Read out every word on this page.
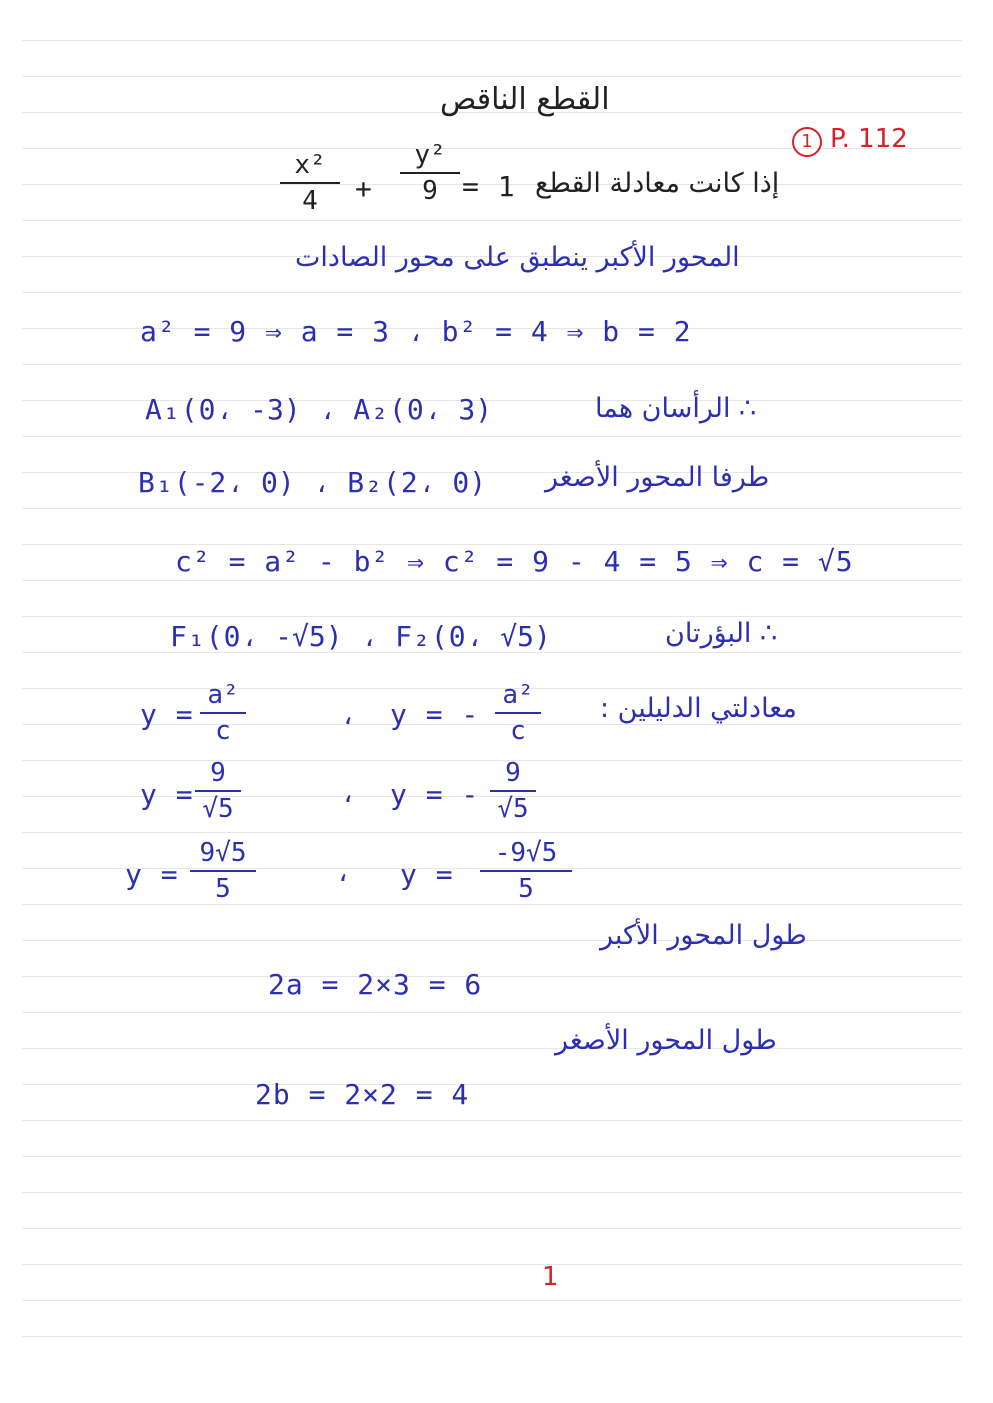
القطع الناقص
1 P. 112
إذا كانت معادلة القطع
x²
4 +
y²
9 = 1
المحور الأكبر ينطبق على محور الصادات
a² = 9 ⇒ a = 3 ، b² = 4 ⇒ b = 2
A₁(0، -3) ، A₂(0، 3)	∴ الرأسان هما
B₁(-2، 0) ، B₂(2، 0) طرفا المحور الأصغر
c² = a² - b² ⇒ c² = 9 - 4 = 5 ⇒ c = √5
F₁(0، -√5) ، F₂(0، √5)	∴ البؤرتان
معادلتي الدليلين :
y =
a²
c	، y = -
a²
c
y =
9
√5	، y = -
9
√5
y =
9√5
5
، y =
-9√5
5
طول المحور الأكبر
2a = 2×3 = 6
طول المحور الأصغر
2b = 2×2 = 4
1
